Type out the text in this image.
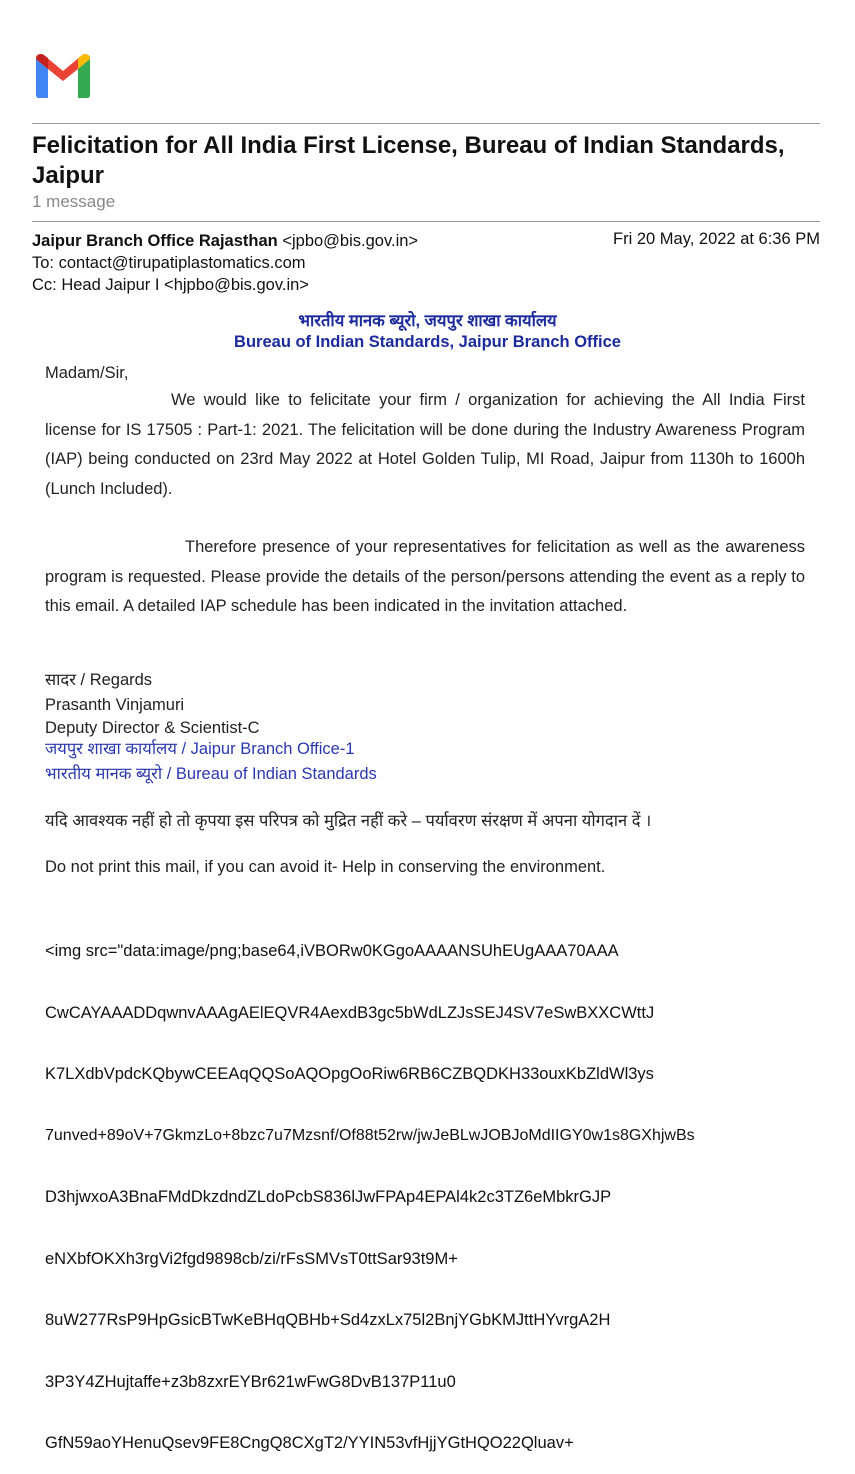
Felicitation for All India First License, Bureau of Indian Standards, Jaipur
1 message
Jaipur Branch Office Rajasthan <jpbo@bis.gov.in>	Fri 20 May, 2022 at 6:36 PM
To: contact@tirupatiplastomatics.com
Cc: Head Jaipur I <hjpbo@bis.gov.in>
भारतीय मानक ब्यूरो, जयपुर शाखा कार्यालय
Bureau of Indian Standards, Jaipur Branch Office
Madam/Sir,
We would like to felicitate your firm / organization for achieving the All India First license for IS 17505 : Part-1: 2021. The felicitation will be done during the Industry Awareness Program (IAP) being conducted on 23rd May 2022 at Hotel Golden Tulip, MI Road, Jaipur from 1130h to 1600h (Lunch Included).
Therefore presence of your representatives for felicitation as well as the awareness program is requested. Please provide the details of the person/persons attending the event as a reply to this email. A detailed IAP schedule has been indicated in the invitation attached.
सादर / Regards
Prasanth Vinjamuri
Deputy Director & Scientist-C
जयपुर शाखा कार्यालय / Jaipur Branch Office-1
भारतीय मानक ब्यूरो / Bureau of Indian Standards
यदि आवश्यक नहीं हो तो कृपया इस परिपत्र को मुद्रित नहीं करे – पर्यावरण संरक्षण में अपना योगदान दें ।
Do not print this mail, if you can avoid it- Help in conserving the environment.

<img src="data:image/png;base64,iVBORw0KGgoAAAANSUhEUgAAA70AAA

CwCAYAAADDqwnvAAAgAElEQVR4AexdB3gc5bWdLZJsSEJ4SV7eSwBXXCWttJ

K7LXdbVpdcKQbywCEEAqQQSoAQOpgOoRiw6RB6CZBQDKH33ouxKbZldWl3ys

7unved+89oV+7GkmzLo+8bzc7u7Mzsnf/Of88t52rw/jwJeBLwJOBJoMdIIGY0w1s8GXhjwBs

D3hjwxoA3BnaFMdDkzdndZLdoPcbS836lJwFPAp4EPAl4k2c3TZ6eMbkrGJP

eNXbfOKXh3rgVi2fgd9898cb/zi/rFsSMVsT0ttSar93t9M+

8uW277RsP9HpGsicBTwKeBHqQBHb+Sd4zxLx75l2BnjYGbKMJttHYvrgA2H

3P3Y4ZHujtaffe+z3b8zxrEYBr621wFwG8DvB137P11u0

GfN59aoYHenuQsev9FE8CngQ8CXgT2/YYIN53vfHjjYGtHQO22Qluav+
